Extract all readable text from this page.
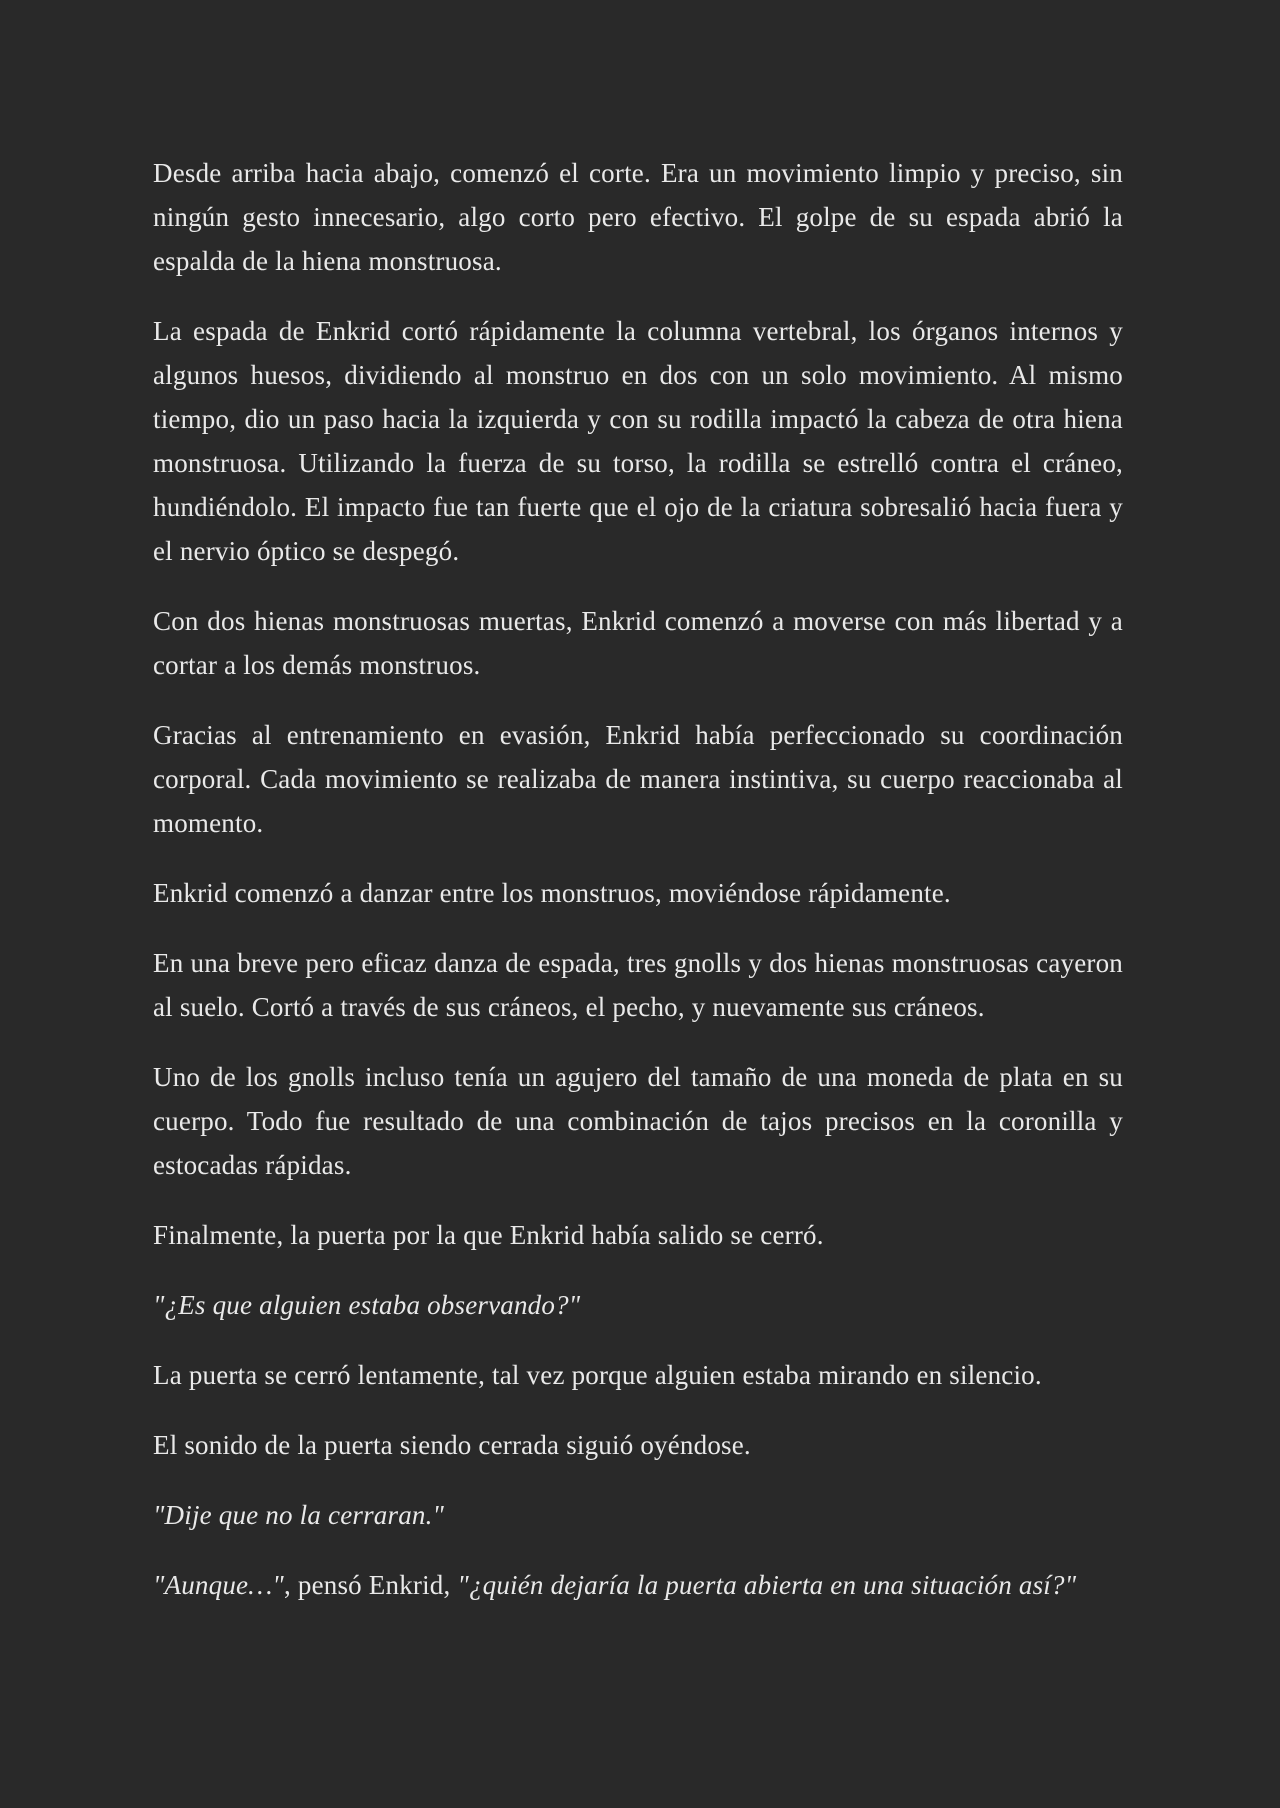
Desde arriba hacia abajo, comenzó el corte. Era un movimiento limpio y preciso, sin ningún gesto innecesario, algo corto pero efectivo. El golpe de su espada abrió la espalda de la hiena monstruosa.

La espada de Enkrid cortó rápidamente la columna vertebral, los órganos internos y algunos huesos, dividiendo al monstruo en dos con un solo movimiento. Al mismo tiempo, dio un paso hacia la izquierda y con su rodilla impactó la cabeza de otra hiena monstruosa. Utilizando la fuerza de su torso, la rodilla se estrelló contra el cráneo, hundiéndolo. El impacto fue tan fuerte que el ojo de la criatura sobresalió hacia fuera y el nervio óptico se despegó.

Con dos hienas monstruosas muertas, Enkrid comenzó a moverse con más libertad y a cortar a los demás monstruos.

Gracias al entrenamiento en evasión, Enkrid había perfeccionado su coordinación corporal. Cada movimiento se realizaba de manera instintiva, su cuerpo reaccionaba al momento.

Enkrid comenzó a danzar entre los monstruos, moviéndose rápidamente.

En una breve pero eficaz danza de espada, tres gnolls y dos hienas monstruosas cayeron al suelo. Cortó a través de sus cráneos, el pecho, y nuevamente sus cráneos.

Uno de los gnolls incluso tenía un agujero del tamaño de una moneda de plata en su cuerpo. Todo fue resultado de una combinación de tajos precisos en la coronilla y estocadas rápidas.

Finalmente, la puerta por la que Enkrid había salido se cerró.

"¿Es que alguien estaba observando?"

La puerta se cerró lentamente, tal vez porque alguien estaba mirando en silencio.

El sonido de la puerta siendo cerrada siguió oyéndose.

"Dije que no la cerraran."

"Aunque…", pensó Enkrid, "¿quién dejaría la puerta abierta en una situación así?"
